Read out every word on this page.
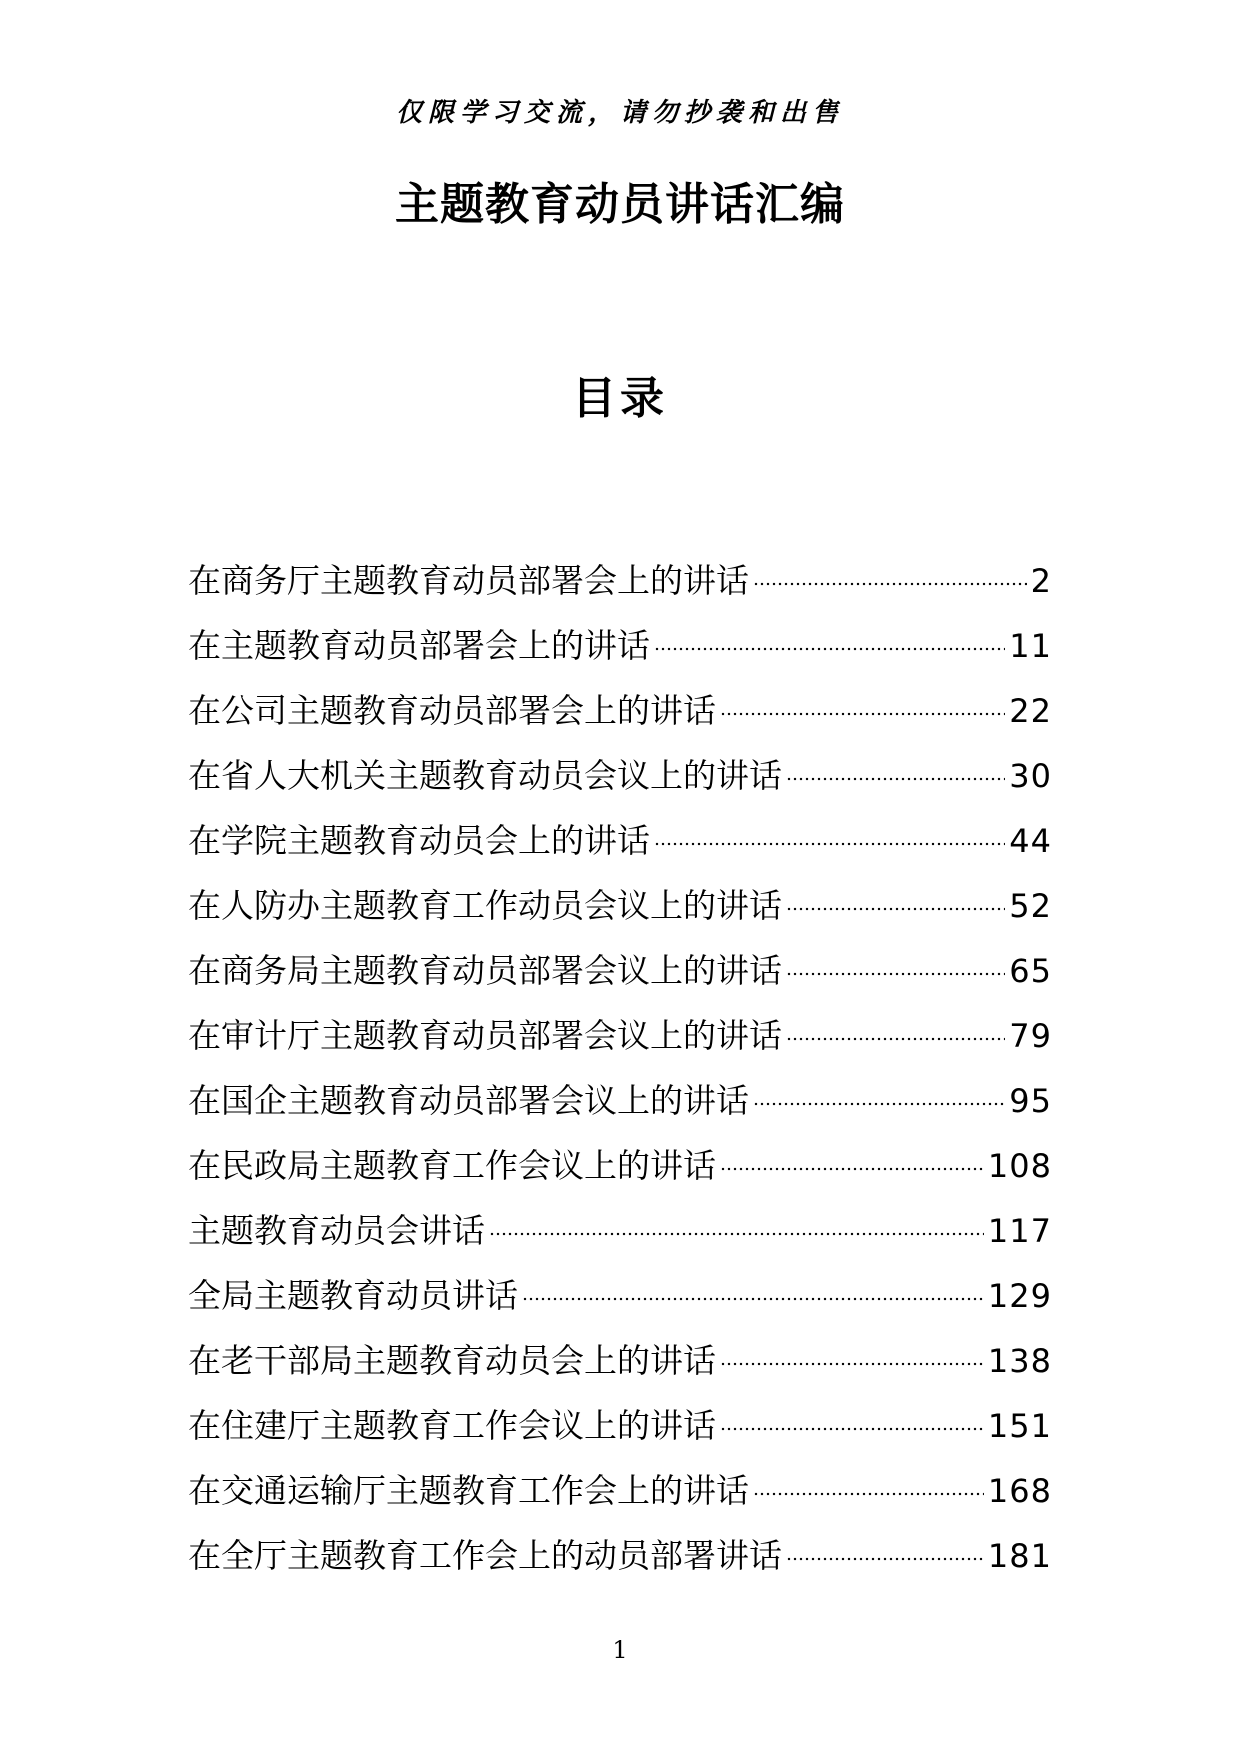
仅限学习交流，请勿抄袭和出售
主题教育动员讲话汇编
目录
在商务厅主题教育动员部署会上的讲话	2
在主题教育动员部署会上的讲话	11
在公司主题教育动员部署会上的讲话	22
在省人大机关主题教育动员会议上的讲话	30
在学院主题教育动员会上的讲话	44
在人防办主题教育工作动员会议上的讲话	52
在商务局主题教育动员部署会议上的讲话	65
在审计厅主题教育动员部署会议上的讲话	79
在国企主题教育动员部署会议上的讲话	95
在民政局主题教育工作会议上的讲话	108
主题教育动员会讲话	117
全局主题教育动员讲话	129
在老干部局主题教育动员会上的讲话	138
在住建厅主题教育工作会议上的讲话	151
在交通运输厅主题教育工作会上的讲话	168
在全厅主题教育工作会上的动员部署讲话	181
1
